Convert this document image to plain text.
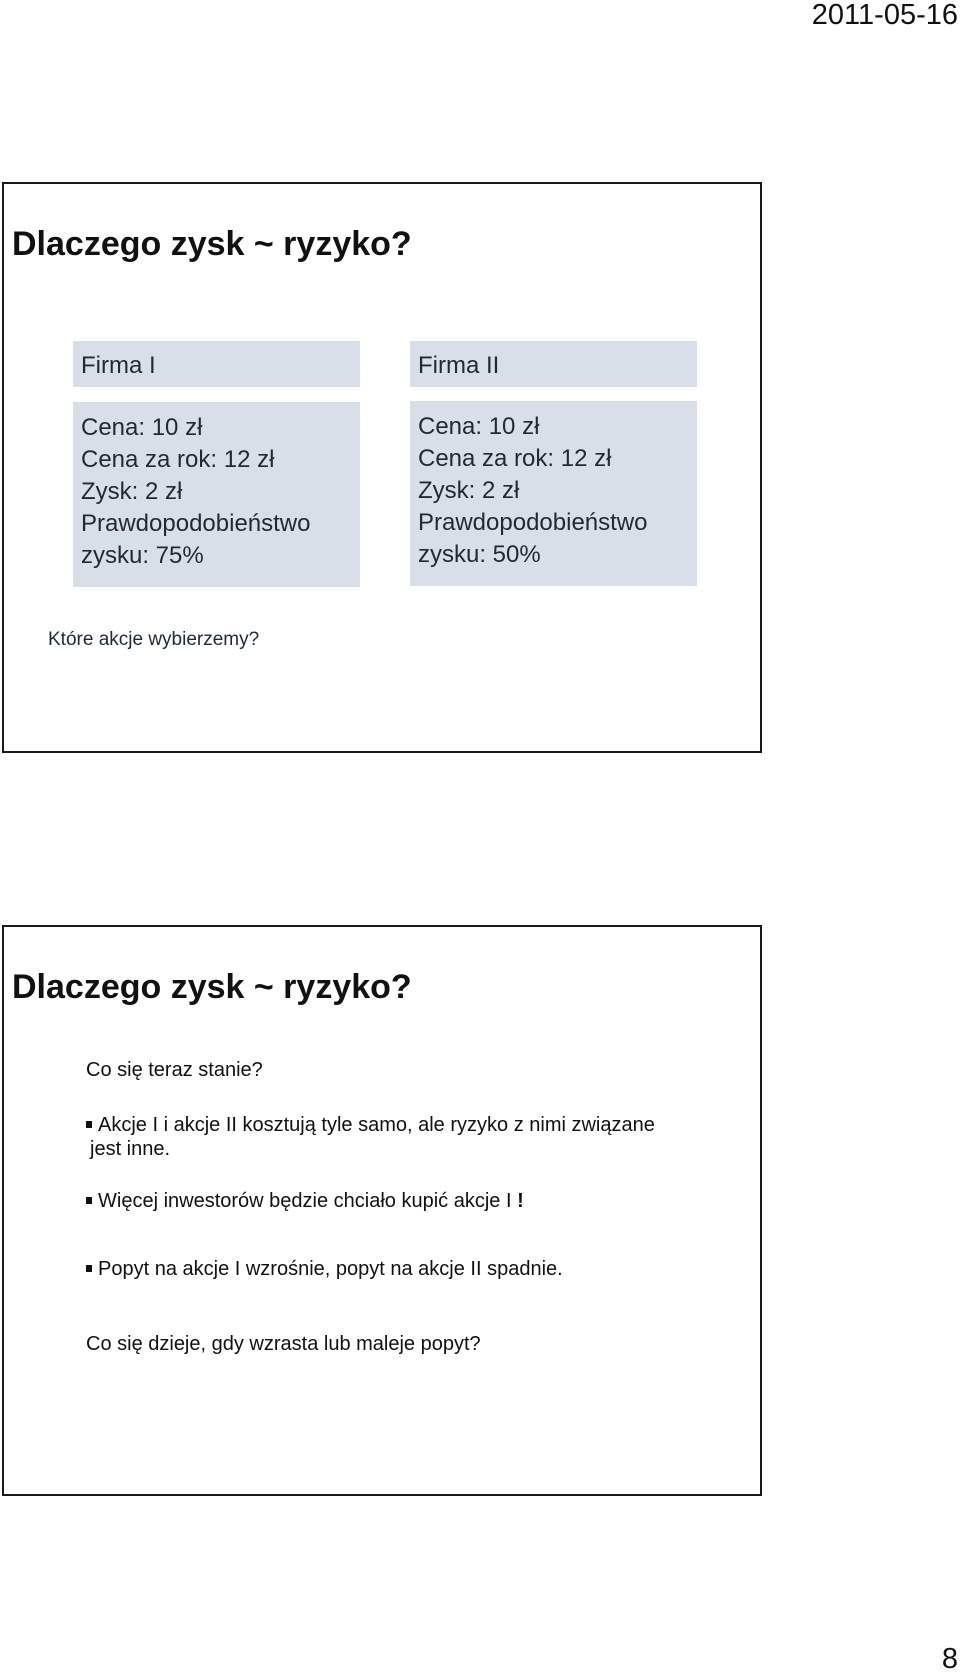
2011-05-16
Dlaczego zysk ~ ryzyko?
Firma I	Firma II
Cena: 10 zł
Cena za rok: 12 zł
Zysk: 2 zł
Prawdopodobieństwo
zysku: 75%
Cena: 10 zł
Cena za rok: 12 zł
Zysk: 2 zł
Prawdopodobieństwo
zysku: 50%
Które akcje wybierzemy?
Dlaczego zysk ~ ryzyko?
Co się teraz stanie?
Akcje I i akcje II kosztują tyle samo, ale ryzyko z nimi związane
jest inne.
Więcej inwestorów będzie chciało kupić akcje I !
Popyt na akcje I wzrośnie, popyt na akcje II spadnie.
Co się dzieje, gdy wzrasta lub maleje popyt?
8
